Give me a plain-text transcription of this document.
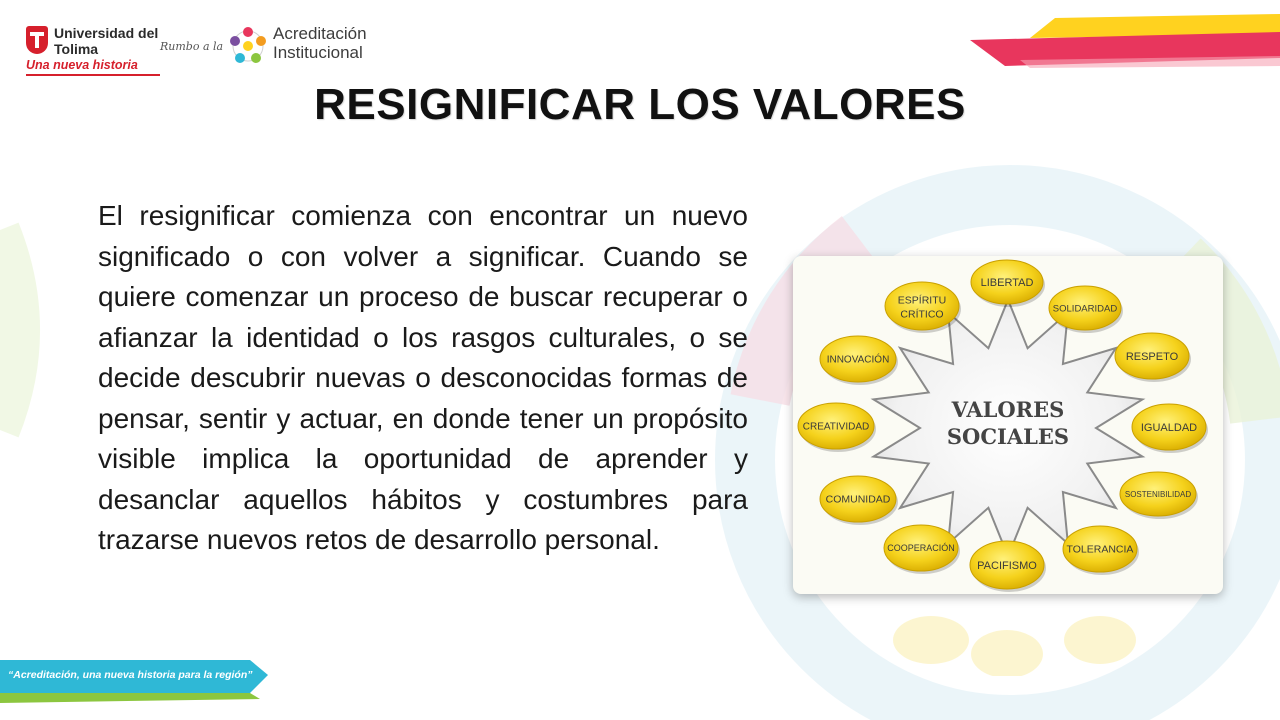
Universidad del Tolima
Una nueva historia
Rumbo a la
Acreditación
Institucional
RESIGNIFICAR LOS VALORES

El resignificar comienza con encontrar un nuevo significado o con volver a significar. Cuando se quiere comenzar un proceso de buscar recuperar o afianzar la identidad o los rasgos culturales, o se decide descubrir nuevas o desconocidas formas de pensar, sentir y actuar, en donde tener un propósito visible implica la oportunidad de aprender y desanclar aquellos hábitos y costumbres para trazarse nuevos retos de desarrollo personal.

VALORES
SOCIALES
LIBERTAD
SOLIDARIDAD
RESPETO
IGUALDAD
SOSTENIBILIDAD
TOLERANCIA
PACIFISMO
COOPERACIÓN
COMUNIDAD
CREATIVIDAD
INNOVACIÓN
ESPÍRITU
CRÍTICO
“Acreditación, una nueva historia para la región”
